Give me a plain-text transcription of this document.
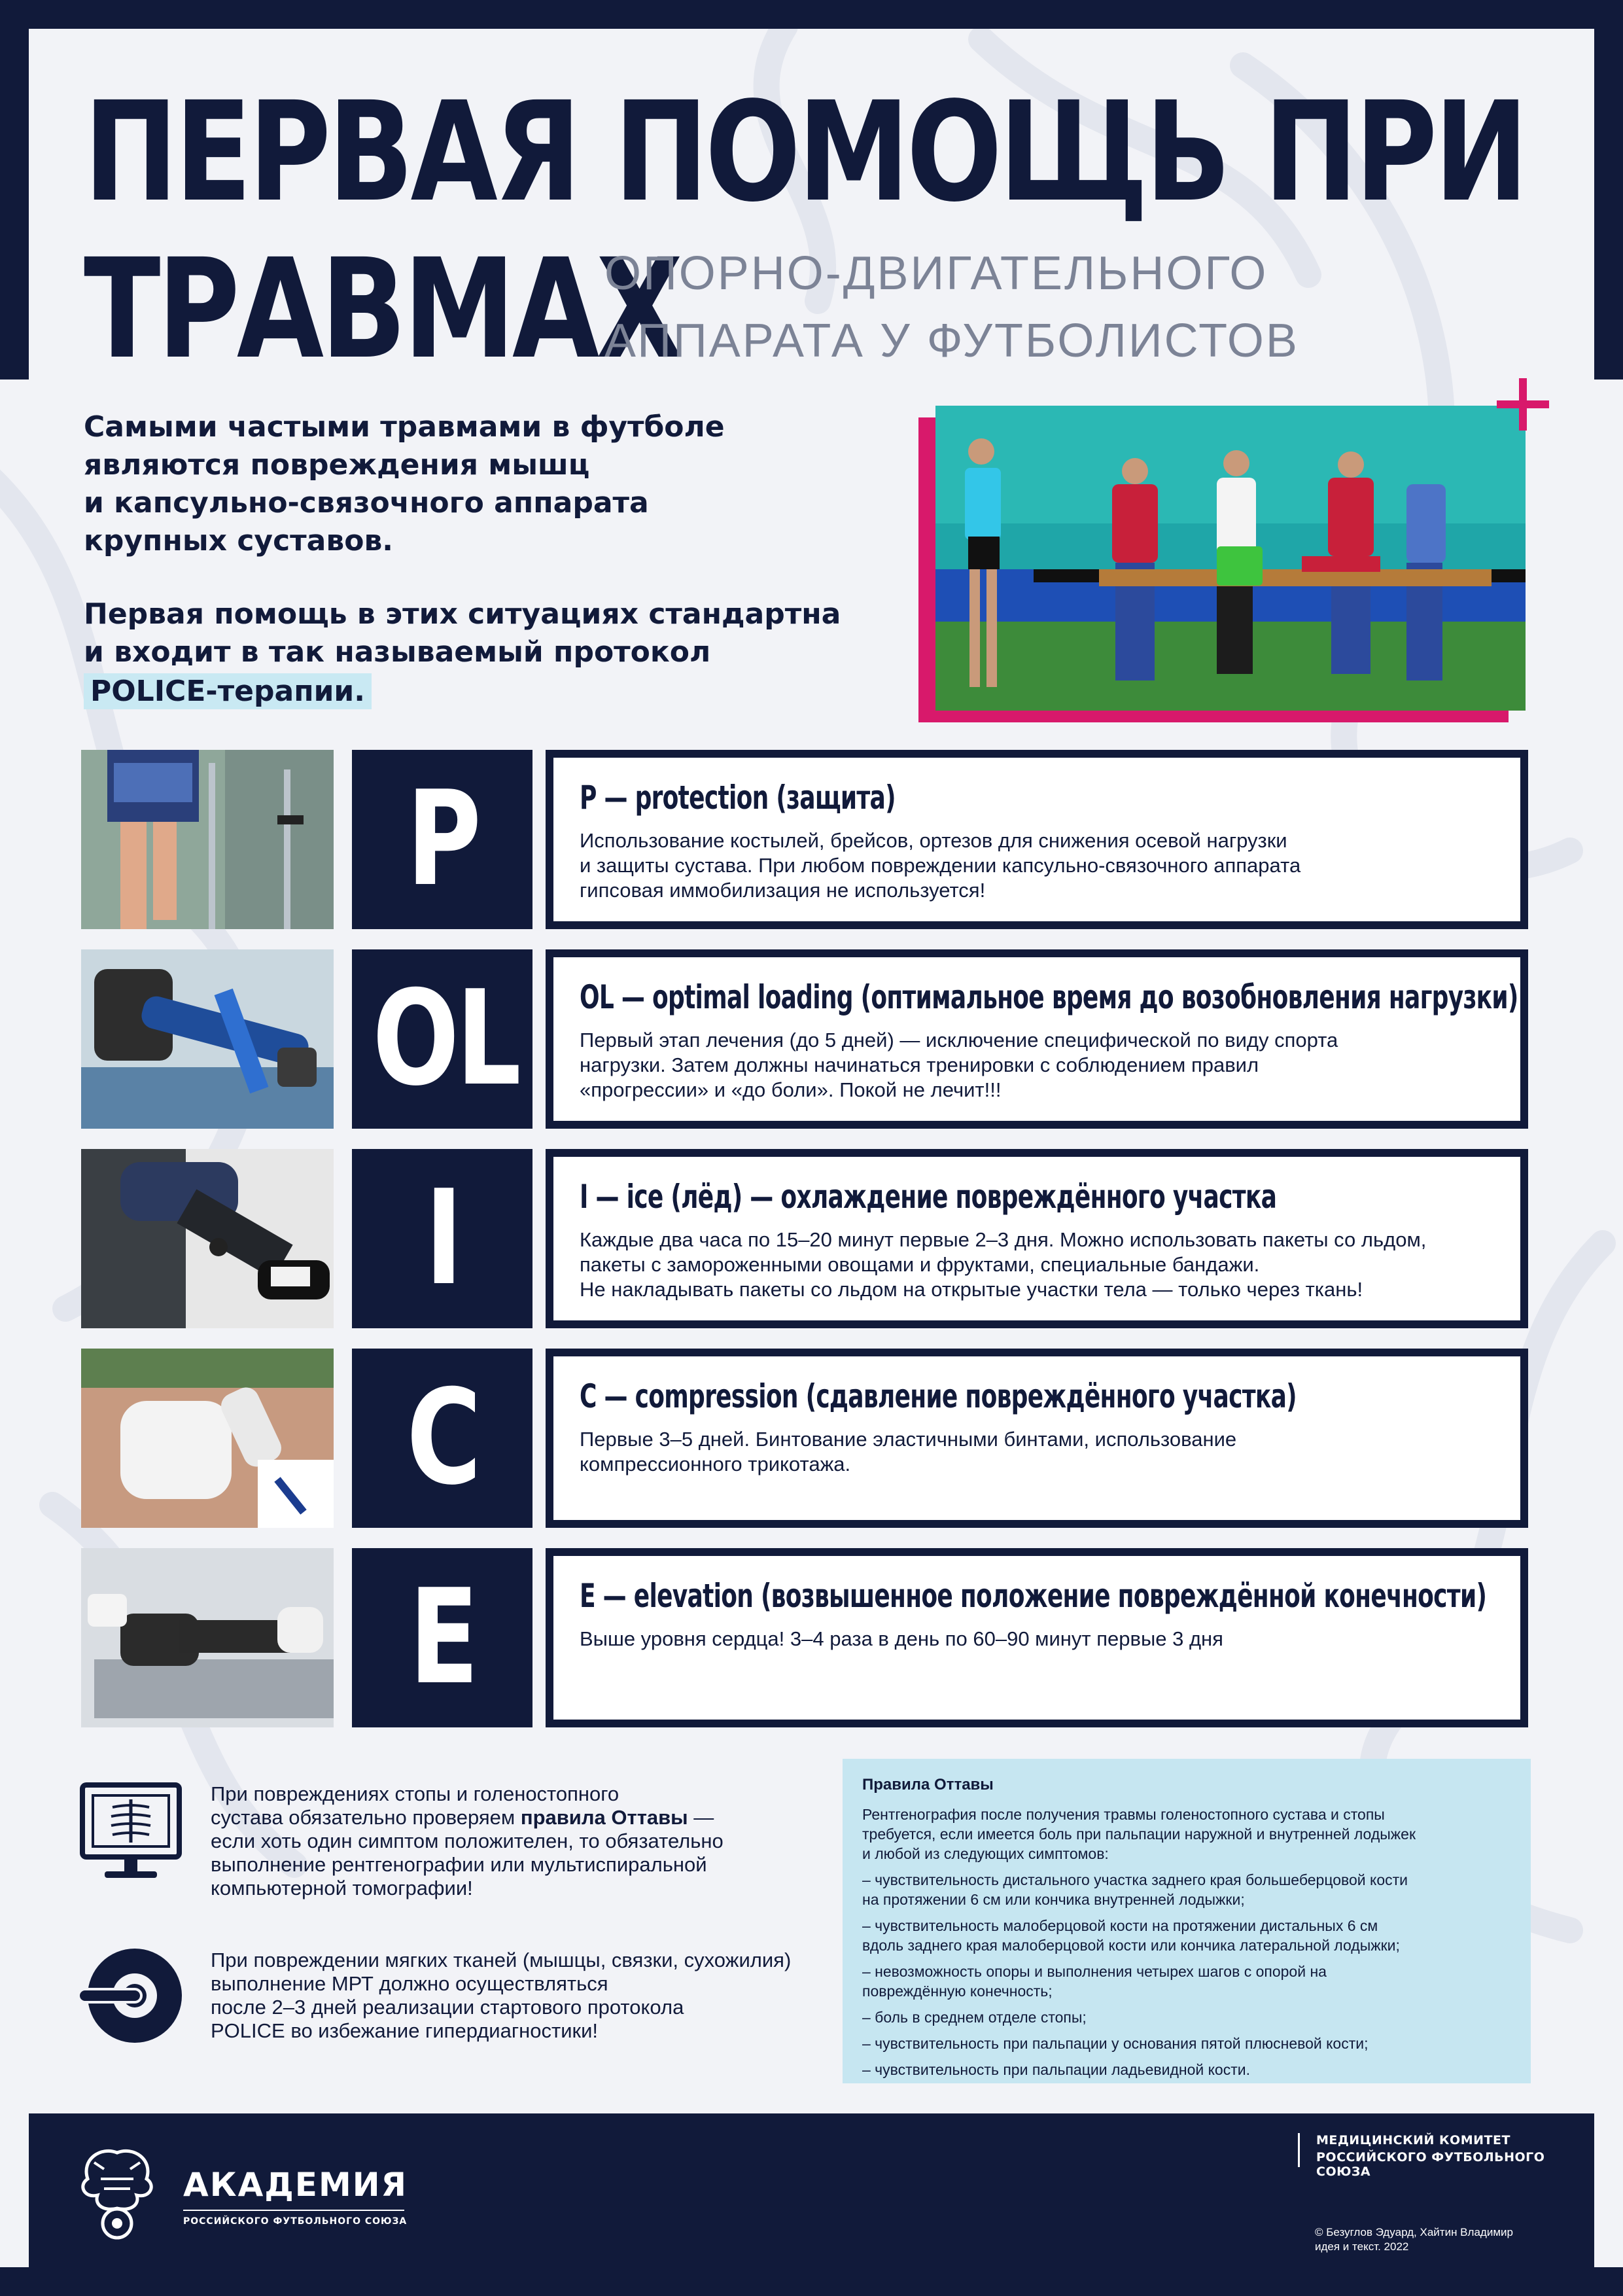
ПЕРВАЯ ПОМОЩЬ ПРИ
ТРАВМАХ
ОПОРНО-ДВИГАТЕЛЬНОГО
АППАРАТА У ФУТБОЛИСТОВ
Самыми частыми травмами в футболе
являются повреждения мышц
и капсульно-связочного аппарата
крупных суставов.
Первая помощь в этих ситуациях стандартна
и входит в так называемый протокол
POLICE-терапии.
P	P — protection (защита)
Использование костылей, брейсов, ортезов для снижения осевой нагрузки
и защиты сустава. При любом повреждении капсульно-связочного аппарата
гипсовая иммобилизация не используется!
OL	OL — optimal loading (оптимальное время до возобновления нагрузки)
Первый этап лечения (до 5 дней) — исключение специфической по виду спорта
нагрузки. Затем должны начинаться тренировки с соблюдением правил
«прогрессии» и «до боли». Покой не лечит!!!
I	I — ice (лёд) — охлаждение повреждённого участка
Каждые два часа по 15–20 минут первые 2–3 дня. Можно использовать пакеты со льдом,
пакеты с замороженными овощами и фруктами, специальные бандажи.
Не накладывать пакеты со льдом на открытые участки тела — только через ткань!
C	C — compression (сдавление повреждённого участка)
Первые 3–5 дней. Бинтование эластичными бинтами, использование
компрессионного трикотажа.
E	E — elevation (возвышенное положение повреждённой конечности)
Выше уровня сердца! 3–4 раза в день по 60–90 минут первые 3 дня
При повреждениях стопы и голеностопного
сустава обязательно проверяем правила Оттавы —
если хоть один симптом положителен, то обязательно
выполнение рентгенографии или мультиспиральной
компьютерной томографии!
При повреждении мягких тканей (мышцы, связки, сухожилия)
выполнение МРТ должно осуществляться
после 2–3 дней реализации стартового протокола
POLICE во избежание гипердиагностики!
Правила Оттавы
Рентгенография после получения травмы голеностопного сустава и стопы
требуется, если имеется боль при пальпации наружной и внутренней лодыжек
и любой из следующих симптомов:
– чувствительность дистального участка заднего края большеберцовой кости
на протяжении 6 см или кончика внутренней лодыжки;
– чувствительность малоберцовой кости на протяжении дистальных 6 см
вдоль заднего края малоберцовой кости или кончика латеральной лодыжки;
– невозможность опоры и выполнения четырех шагов с опорой на
повреждённую конечность;
– боль в среднем отделе стопы;
– чувствительность при пальпации у основания пятой плюсневой кости;
– чувствительность при пальпации ладьевидной кости.
АКАДЕМИЯ
РОССИЙСКОГО ФУТБОЛЬНОГО СОЮЗА
МЕДИЦИНСКИЙ КОМИТЕТ
РОССИЙСКОГО ФУТБОЛЬНОГО СОЮЗА
© Безуглов Эдуард, Хайтин Владимир
идея и текст. 2022
